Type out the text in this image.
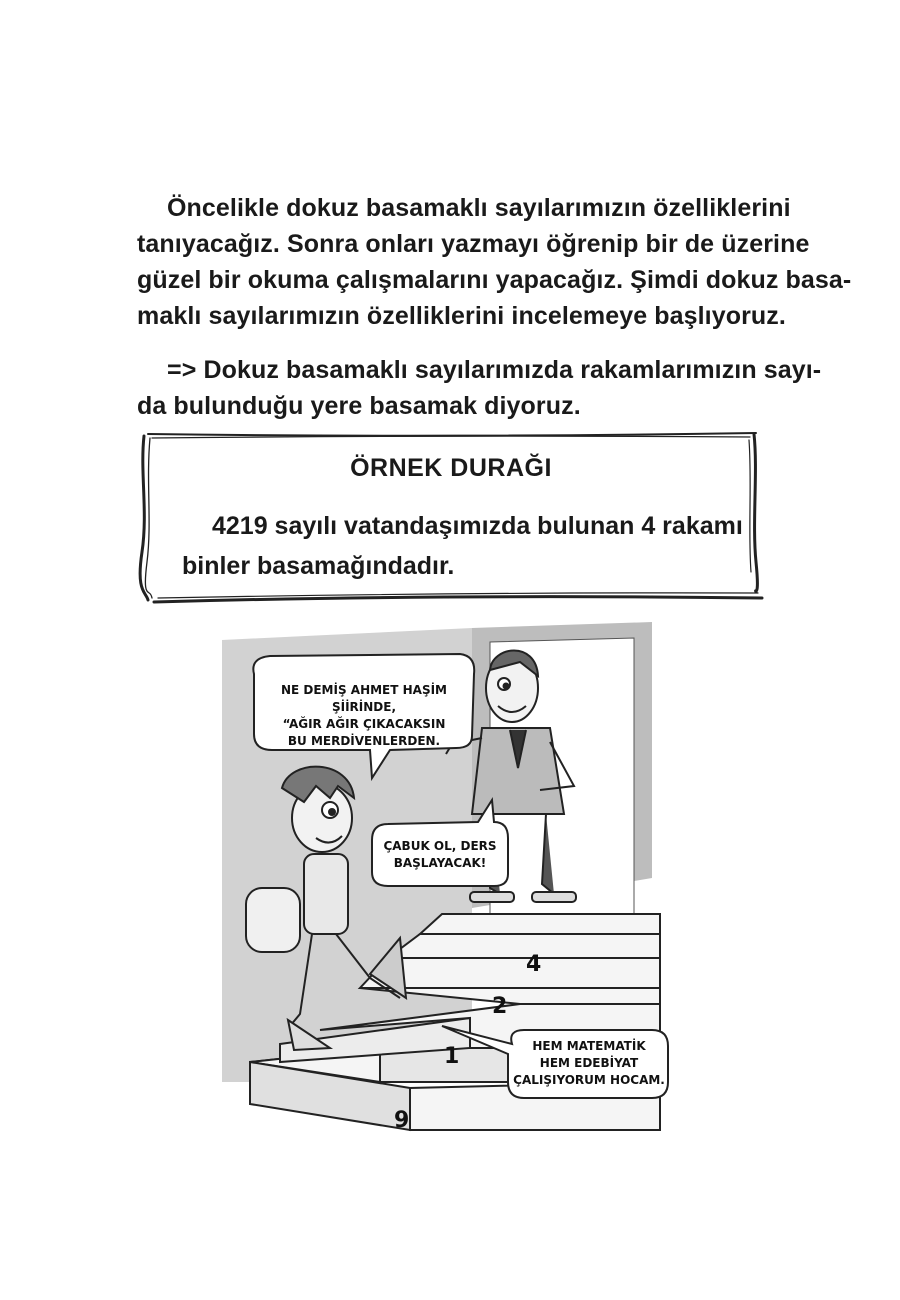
Öncelikle dokuz basamaklı sayılarımızın özelliklerini
tanıyacağız. Sonra onları yazmayı öğrenip bir de üzerine
güzel bir okuma çalışmalarını yapacağız. Şimdi dokuz basa-
maklı sayılarımızın özelliklerini incelemeye başlıyoruz.
=> Dokuz basamaklı sayılarımızda rakamlarımızın sayı-
da bulunduğu yere basamak diyoruz.
ÖRNEK DURAĞI
4219 sayılı vatandaşımızda bulunan 4 rakamı
binler basamağındadır.
NE DEMİŞ AHMET HAŞİM ŞİİRİNDE,
“AĞIR AĞIR ÇIKACAKSIN
BU MERDİVENLERDEN.
ÇABUK OL, DERS
BAŞLAYACAK!
HEM MATEMATİK
HEM EDEBİYAT
ÇALIŞIYORUM HOCAM.
9
1
2
4
